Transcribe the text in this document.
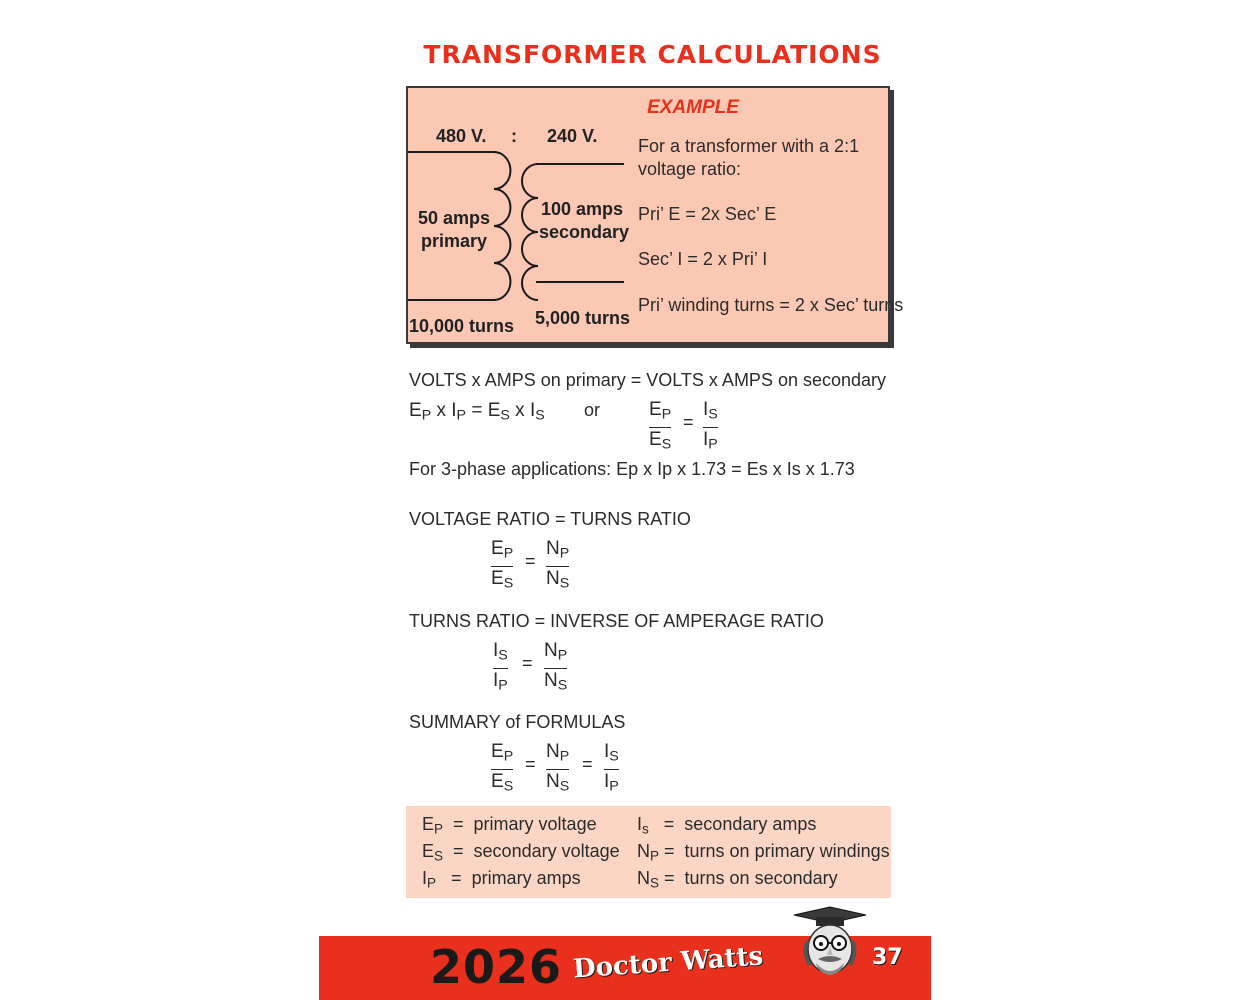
TRANSFORMER CALCULATIONS
EXAMPLE
480 V. : 240 V.
50 amps
primary
100 amps
secondary
10,000 turns 5,000 turns
For a transformer with a 2:1
voltage ratio:
Pri’ E = 2x Sec’ E
Sec’ I = 2 x Pri’ I
Pri’ winding turns = 2 x Sec’ turns
VOLTS x AMPS on primary = VOLTS x AMPS on secondary
$E_P$ x $I_P = E_S$ x $I_S$ or	$E_P$
$E_S$
=
$I_S$
$I_P$
For 3-phase applications: Ep x Ip x 1.73 = Es x Is x 1.73
VOLTAGE RATIO = TURNS RATIO
$E_P$
$E_S$
=
$N_P$
$N_S$
TURNS RATIO = INVERSE OF AMPERAGE RATIO
$I_S$
$I_P$
=
$N_P$
$N_S$
SUMMARY of FORMULAS
$E_P$
$E_S$
=
$N_P$
$N_S$
=
$I_S$
$I_P$
$E_P$  =  primary voltage
$E_S$  =  secondary voltage
$I_P$   =  primary amps
$I_s$   =  secondary amps
$N_P$ =  turns on primary windings
$N_S$ =  turns on secondary
2026 Doctor Watts	37
